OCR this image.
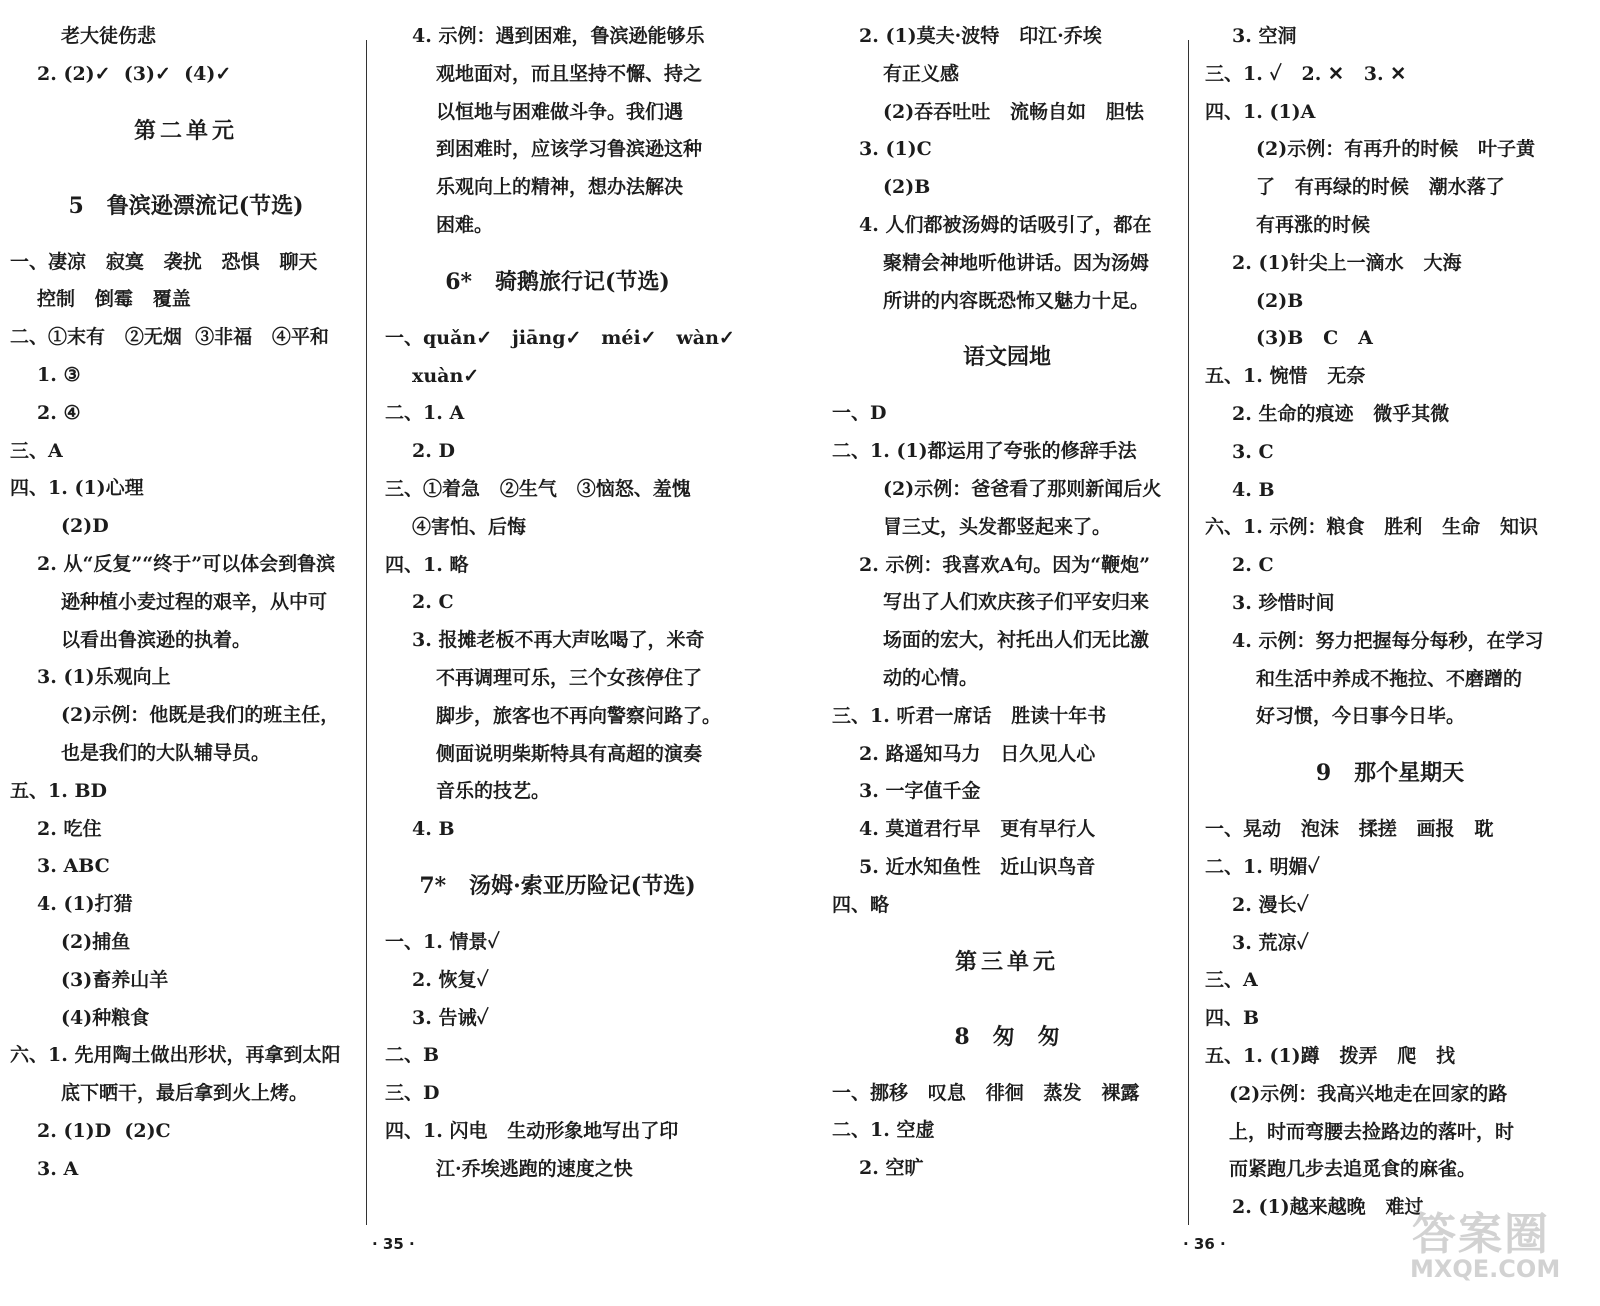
老大徒伤悲
2. (2)✓  (3)✓  (4)✓
第二单元
5   鲁滨逊漂流记(节选)
一、凄凉   寂寞   袭扰   恐惧   聊天
控制   倒霉   覆盖
二、①末有   ②无烟  ③非福   ④平和
1. ③
2. ④
三、A
四、1. (1)心理
(2)D
2. 从“反复”“终于”可以体会到鲁滨
逊种植小麦过程的艰辛，从中可
以看出鲁滨逊的执着。
3. (1)乐观向上
(2)示例：他既是我们的班主任，
也是我们的大队辅导员。
五、1. BD
2. 吃住
3. ABC
4. (1)打猎
(2)捕鱼
(3)畜养山羊
(4)种粮食
六、1. 先用陶土做出形状，再拿到太阳
底下晒干，最后拿到火上烤。
2. (1)D  (2)C
3. A
4. 示例：遇到困难，鲁滨逊能够乐
观地面对，而且坚持不懈、持之
以恒地与困难做斗争。我们遇
到困难时，应该学习鲁滨逊这种
乐观向上的精神，想办法解决
困难。
6*   骑鹅旅行记(节选)
一、quǎn✓   jiāng✓   méi✓   wàn✓
xuàn✓
二、1. A
2. D
三、①着急   ②生气   ③恼怒、羞愧
④害怕、后悔
四、1. 略
2. C
3. 报摊老板不再大声吆喝了，米奇
不再调理可乐，三个女孩停住了
脚步，旅客也不再向警察问路了。
侧面说明柴斯特具有高超的演奏
音乐的技艺。
4. B
7*   汤姆·索亚历险记(节选)
一、1. 情景✓
2. 恢复✓
3. 告诫✓
二、B
三、D
四、1. 闪电   生动形象地写出了印
江·乔埃逃跑的速度之快
2. (1)莫夫·波特   印江·乔埃
有正义感
(2)吞吞吐吐   流畅自如   胆怯
3. (1)C
(2)B
4. 人们都被汤姆的话吸引了，都在
聚精会神地听他讲话。因为汤姆
所讲的内容既恐怖又魅力十足。
语文园地
一、D
二、1. (1)都运用了夸张的修辞手法
(2)示例：爸爸看了那则新闻后火
冒三丈，头发都竖起来了。
2. 示例：我喜欢A句。因为“鞭炮”
写出了人们欢庆孩子们平安归来
场面的宏大，衬托出人们无比激
动的心情。
三、1. 听君一席话   胜读十年书
2. 路遥知马力   日久见人心
3. 一字值千金
4. 莫道君行早   更有早行人
5. 近水知鱼性   近山识鸟音
四、略
第三单元
8   匆   匆
一、挪移   叹息   徘徊   蒸发   裸露
二、1. 空虚
2. 空旷
3. 空洞
三、1. ✓   2. ✕   3. ✕
四、1. (1)A
(2)示例：有再升的时候   叶子黄
了   有再绿的时候   潮水落了
有再涨的时候
2. (1)针尖上一滴水   大海
(2)B
(3)B   C   A
五、1. 惋惜   无奈
2. 生命的痕迹   微乎其微
3. C
4. B
六、1. 示例：粮食   胜利   生命   知识
2. C
3. 珍惜时间
4. 示例：努力把握每分每秒，在学习
和生活中养成不拖拉、不磨蹭的
好习惯，今日事今日毕。
9   那个星期天
一、晃动   泡沫   揉搓   画报   耽
二、1. 明媚✓
2. 漫长✓
3. 荒凉✓
三、A
四、B
五、1. (1)蹲   拨弄   爬   找
(2)示例：我高兴地走在回家的路
上，时而弯腰去捡路边的落叶，时
而紧跑几步去追觅食的麻雀。
2. (1)越来越晚   难过
· 35 ·	· 36 ·	答案圈
MXQE.COM
